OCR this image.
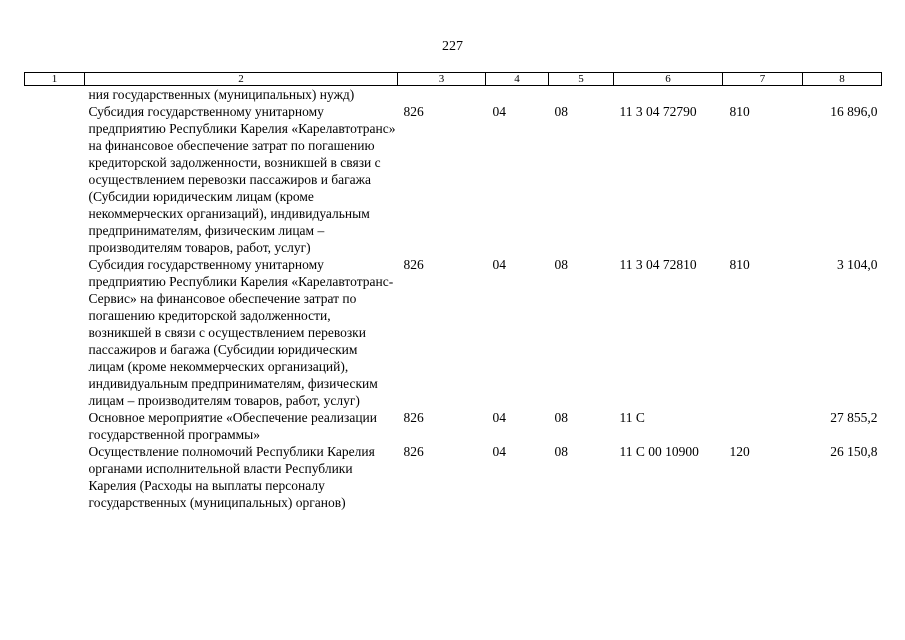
227
1	2	3	4	5	6	7	8
	ния государственных (муниципальных) нужд)						
	Субсидия государственному унитарному предприятию Республики Карелия «Карелавтотранс» на финансовое обеспечение затрат по погашению кредиторской задолженности, возникшей в связи с осуществлением перевозки пассажиров и багажа (Субсидии юридическим лицам (кроме некоммерческих организаций), индивидуальным предпринимателям, физическим лицам – производителям товаров, работ, услуг)	826	04	08	11 3 04 72790	810	16 896,0
	Субсидия государственному унитарному предприятию Республики Карелия «Карелавтотранс-Сервис» на финансовое обеспечение затрат по погашению кредиторской задолженности, возникшей в связи с осуществлением перевозки пассажиров и багажа (Субсидии юридическим лицам (кроме некоммерческих организаций), индивидуальным предпринимателям, физическим лицам – производителям товаров, работ, услуг)	826	04	08	11 3 04 72810	810	3 104,0
	Основное мероприятие «Обеспечение реализации государственной программы»	826	04	08	11 С		27 855,2
	Осуществление полномочий Республики Карелия органами исполнительной власти Республики Карелия (Расходы на выплаты персоналу государственных (муниципальных) органов)	826	04	08	11 С 00 10900	120	26 150,8
